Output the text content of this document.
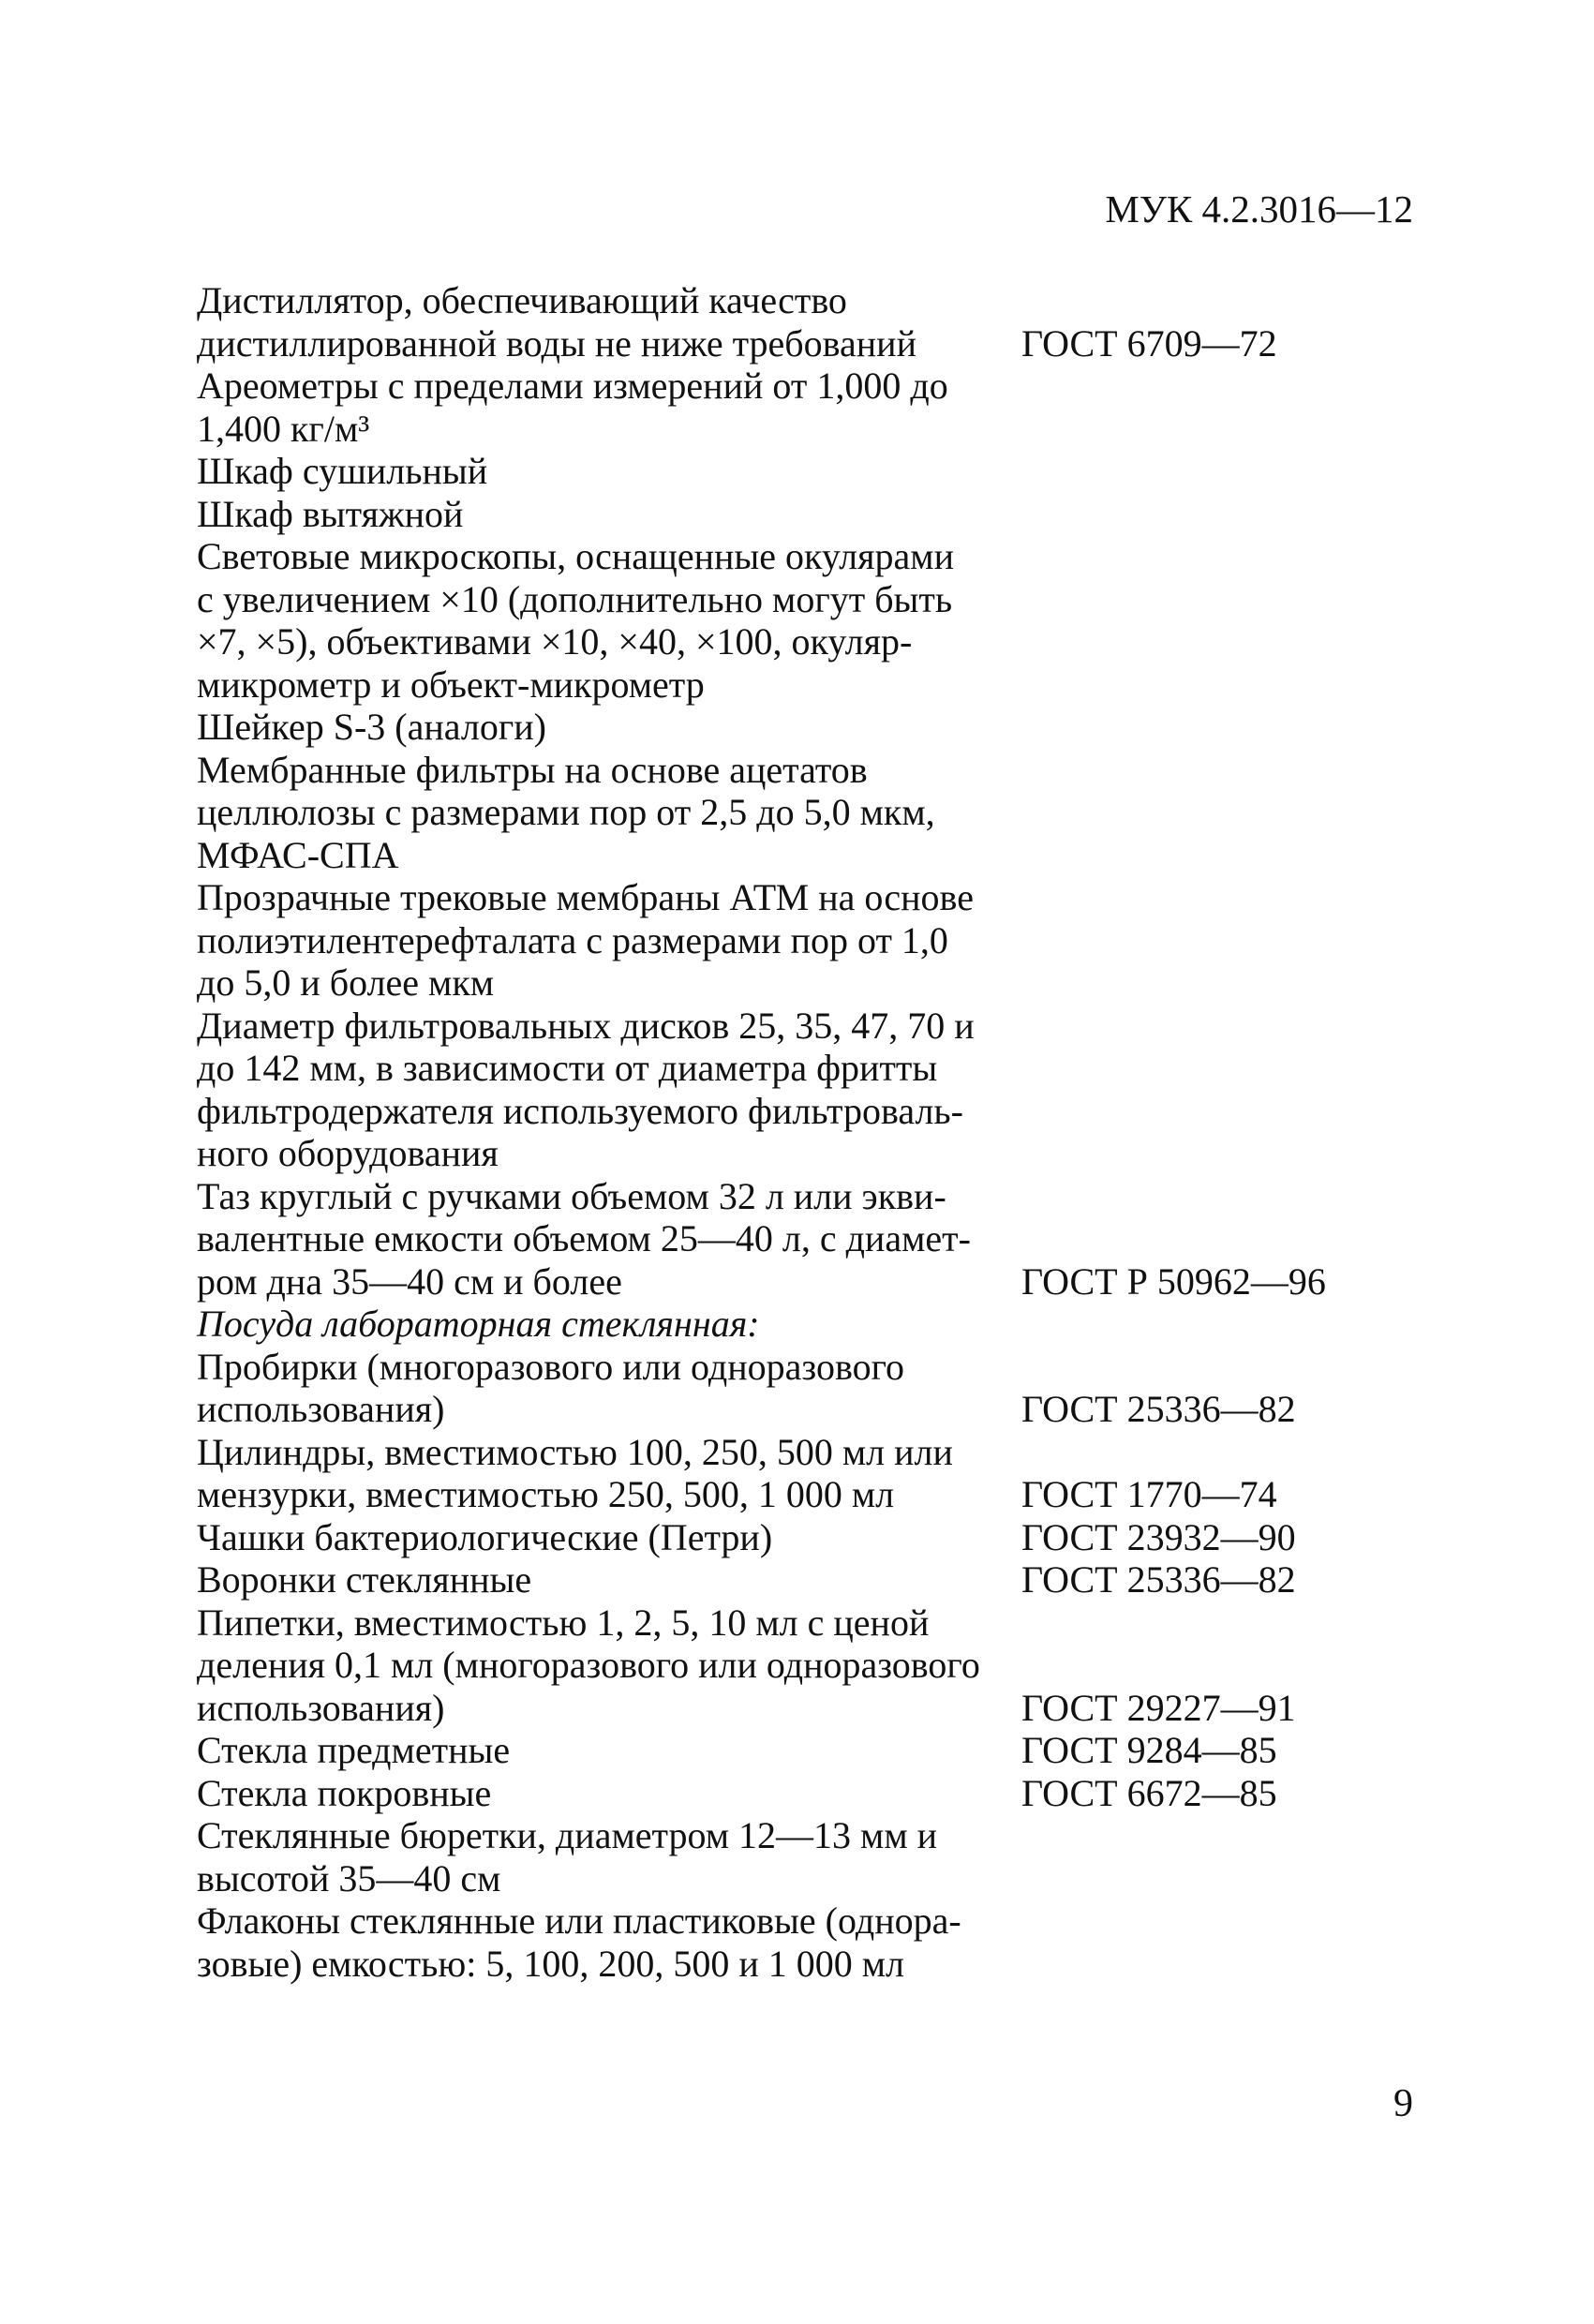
МУК 4.2.3016—12
Дистиллятор, обеспечивающий качество
дистиллированной воды не ниже требований	ГОСТ 6709—72
Ареометры с пределами измерений от 1,000 до
1,400 кг/м³
Шкаф сушильный
Шкаф вытяжной
Световые микроскопы, оснащенные окулярами
с увеличением ×10 (дополнительно могут быть
×7, ×5), объективами ×10, ×40, ×100, окуляр-
микрометр и объект-микрометр
Шейкер S-3 (аналоги)
Мембранные фильтры на основе ацетатов
целлюлозы с размерами пор от 2,5 до 5,0 мкм,
МФАС-СПА
Прозрачные трековые мембраны АТМ на основе
полиэтилентерефталата с размерами пор от 1,0
до 5,0 и более мкм
Диаметр фильтровальных дисков 25, 35, 47, 70 и
до 142 мм, в зависимости от диаметра фритты
фильтродержателя используемого фильтроваль-
ного оборудования
Таз круглый с ручками объемом 32 л или экви-
валентные емкости объемом 25—40 л, с диамет-
ром дна 35—40 см и более	ГОСТ Р 50962—96
Посуда лабораторная стеклянная:
Пробирки (многоразового или одноразового
использования)	ГОСТ 25336—82
Цилиндры, вместимостью 100, 250, 500 мл или
мензурки, вместимостью 250, 500, 1 000 мл	ГОСТ 1770—74
Чашки бактериологические (Петри)	ГОСТ 23932—90
Воронки стеклянные	ГОСТ 25336—82
Пипетки, вместимостью 1, 2, 5, 10 мл с ценой
деления 0,1 мл (многоразового или одноразового
использования)	ГОСТ 29227—91
Стекла предметные	ГОСТ 9284—85
Стекла покровные	ГОСТ 6672—85
Стеклянные бюретки, диаметром 12—13 мм и
высотой 35—40 см
Флаконы стеклянные или пластиковые (однора-
зовые) емкостью: 5, 100, 200, 500 и 1 000 мл
9
